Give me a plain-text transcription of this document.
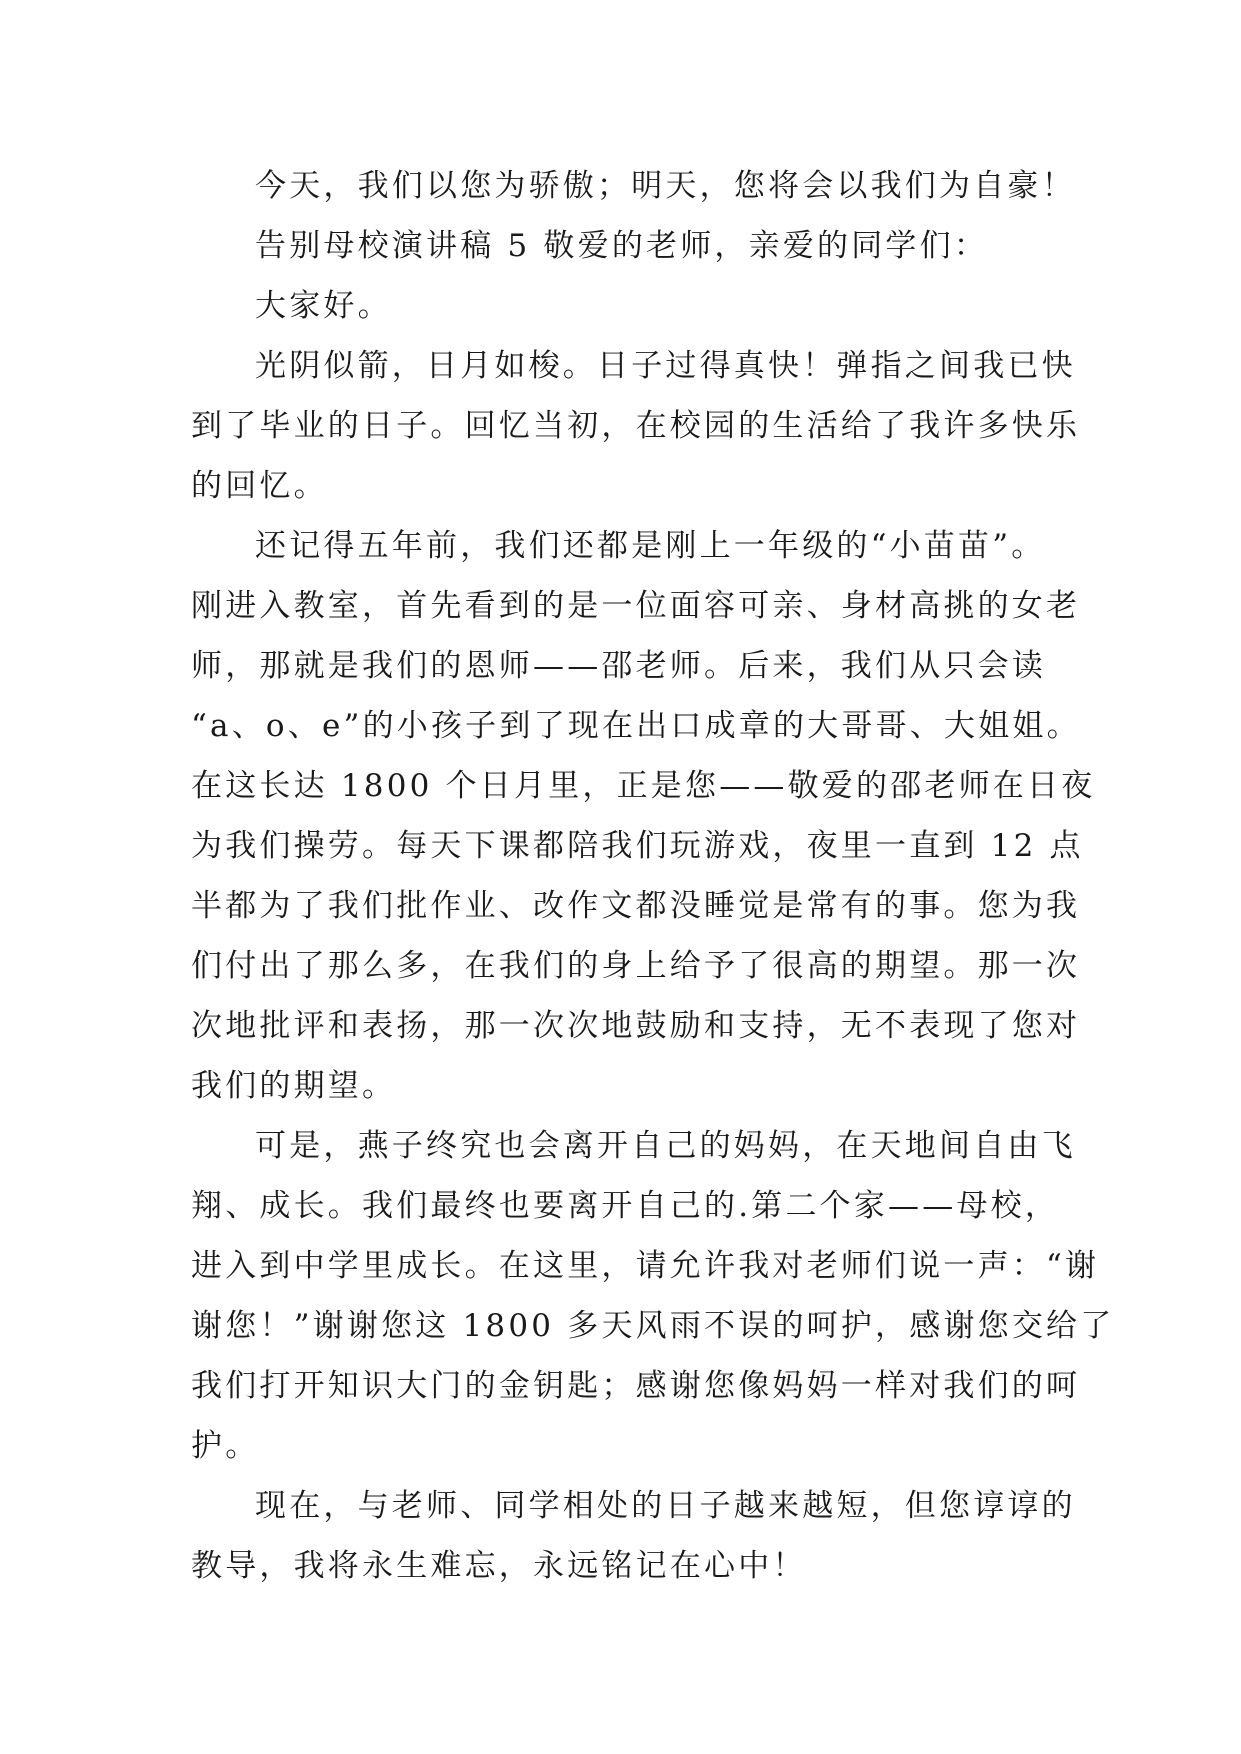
今天，我们以您为骄傲；明天，您将会以我们为自豪！
告别母校演讲稿 5 敬爱的老师，亲爱的同学们：
大家好。
光阴似箭，日月如梭。日子过得真快！弹指之间我已快
到了毕业的日子。回忆当初，在校园的生活给了我许多快乐
的回忆。
还记得五年前，我们还都是刚上一年级的“小苗苗”。
刚进入教室，首先看到的是一位面容可亲、身材高挑的女老
师，那就是我们的恩师——邵老师。后来，我们从只会读
“a、o、e”的小孩子到了现在出口成章的大哥哥、大姐姐。
在这长达 1800 个日月里，正是您——敬爱的邵老师在日夜
为我们操劳。每天下课都陪我们玩游戏，夜里一直到 12 点
半都为了我们批作业、改作文都没睡觉是常有的事。您为我
们付出了那么多，在我们的身上给予了很高的期望。那一次
次地批评和表扬，那一次次地鼓励和支持，无不表现了您对
我们的期望。
可是，燕子终究也会离开自己的妈妈，在天地间自由飞
翔、成长。我们最终也要离开自己的.第二个家——母校，
进入到中学里成长。在这里，请允许我对老师们说一声：“谢
谢您！”谢谢您这 1800 多天风雨不误的呵护，感谢您交给了
我们打开知识大门的金钥匙；感谢您像妈妈一样对我们的呵
护。
现在，与老师、同学相处的日子越来越短，但您谆谆的
教导，我将永生难忘，永远铭记在心中！
